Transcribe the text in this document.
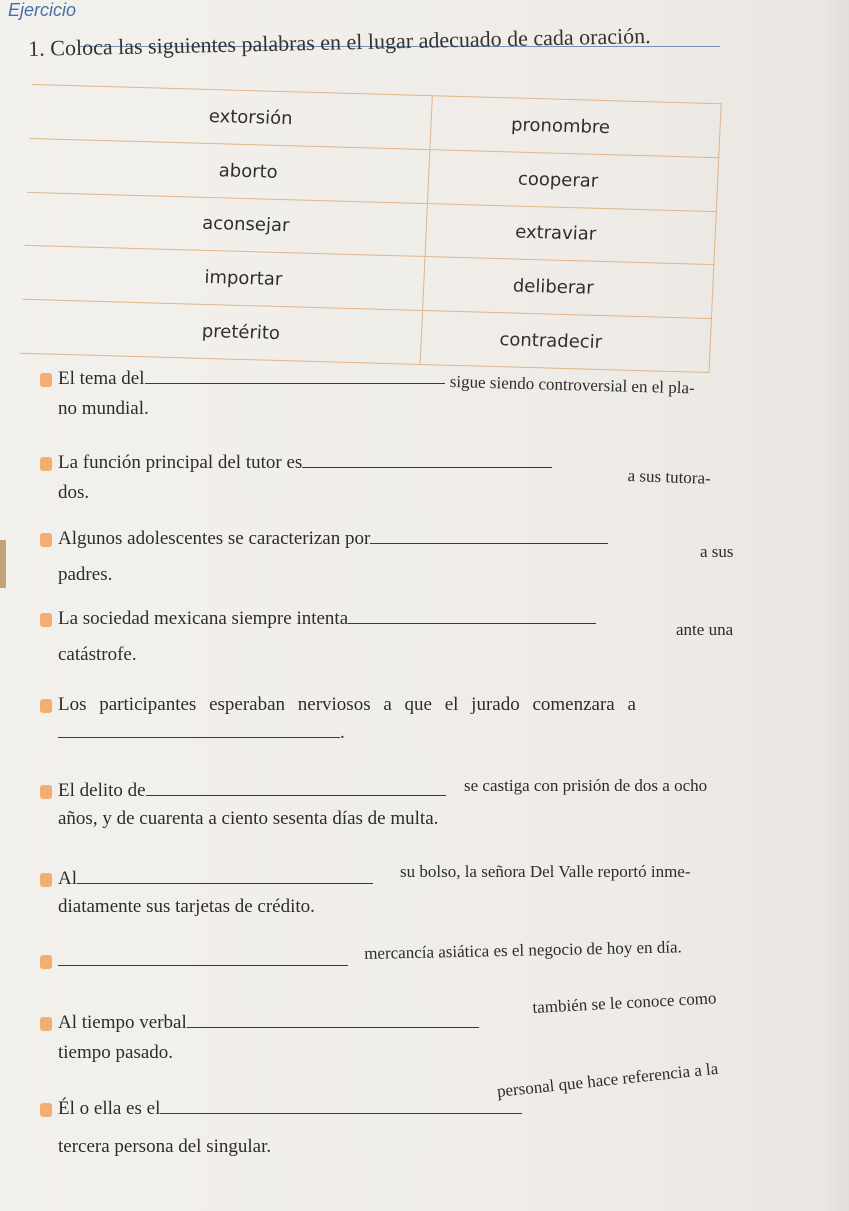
Ejercicio
1. Coloca las siguientes palabras en el lugar adecuado de cada oración.
extorsión	pronombre
aborto	cooperar
aconsejar	extraviar
importar	deliberar
pretérito	contradecir
El tema del	sigue siendo controversial en el pla-
no mundial.
La función principal del tutor es
a sus tutora-
dos.
Algunos adolescentes se caracterizan por
a sus
padres.
La sociedad mexicana siempre intenta
ante una
catástrofe.
Los participantes esperaban nerviosos a que el jurado comenzara a
.
El delito de	se castiga con prisión de dos a ocho
años, y de cuarenta a ciento sesenta días de multa.
Al	su bolso, la señora Del Valle reportó inme-
diatamente sus tarjetas de crédito.
mercancía asiática es el negocio de hoy en día.
Al tiempo verbal
también se le conoce como
tiempo pasado.
Él o ella es el
personal que hace referencia a la
tercera persona del singular.
